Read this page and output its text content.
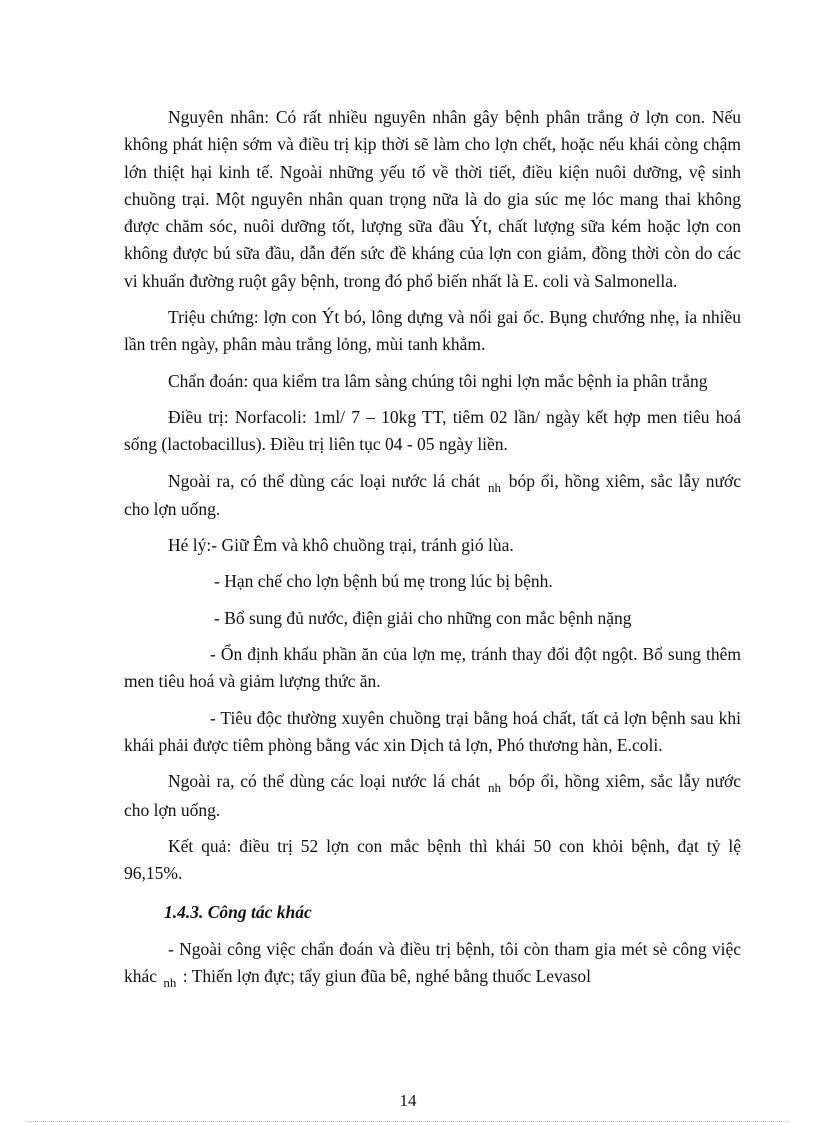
Nguyên nhân: Có rất nhiều nguyên nhân gây bệnh phân trắng ở lợn con. Nếu không phát hiện sớm và điều trị kịp thời sẽ làm cho lợn chết, hoặc nếu khái còng chậm lớn thiệt hại kinh tế. Ngoài những yếu tố về thời tiết, điều kiện nuôi dưỡng, vệ sinh chuồng trại. Một nguyên nhân quan trọng nữa là do gia súc mẹ lóc mang thai không được chăm sóc, nuôi dưỡng tốt, lượng sữa đầu Ýt, chất lượng sữa kém hoặc lợn con không được bú sữa đầu, dẫn đến sức đề kháng của lợn con giảm, đồng thời còn do các vi khuẩn đường ruột gây bệnh, trong đó phổ biến nhất là E. coli và Salmonella.

Triệu chứng: lợn con Ýt bó, lông dựng và nổi gai ốc. Bụng chướng nhẹ, ỉa nhiều lần trên ngày, phân màu trắng lỏng, mùi tanh khẳm.

Chẩn đoán: qua kiểm tra lâm sàng chúng tôi nghi lợn mắc bệnh ỉa phân trắng

Điều trị: Norfacoli: 1ml/ 7 – 10kg TT, tiêm 02 lần/ ngày kết hợp men tiêu hoá sống (lactobacillus). Điều trị liên tục 04 - 05 ngày liền.

Ngoài ra, có thể dùng các loại nước lá chát $_{nh}$ bóp ổi, hồng xiêm, sắc lẫy nước cho lợn uống.

Hé lý:- Giữ Êm và khô chuồng trại, tránh gió lùa.

- Hạn chế cho lợn bệnh bú mẹ trong lúc bị bệnh.

- Bổ sung đủ nước, điện giải cho những con mắc bệnh nặng

- Ổn định khẩu phần ăn của lợn mẹ, tránh thay đổi đột ngột. Bổ sung thêm men tiêu hoá và giảm lượng thức ăn.

- Tiêu độc thường xuyên chuồng trại bằng hoá chất, tất cả lợn bệnh sau khi khái phải được tiêm phòng bằng vác xin Dịch tả lợn, Phó thương hàn, E.coli.

Ngoài ra, có thể dùng các loại nước lá chát $_{nh}$ bóp ổi, hồng xiêm, sắc lẫy nước cho lợn uống.

Kết quả: điều trị 52 lợn con mắc bệnh thì khái 50 con khỏi bệnh, đạt tỷ lệ 96,15%.

1.4.3. Công tác khác

- Ngoài công việc chẩn đoán và điều trị bệnh, tôi còn tham gia mét sè công việc khác $_{nh}$ : Thiến lợn đực; tẩy giun đũa bê, nghé bằng thuốc Levasol

14
